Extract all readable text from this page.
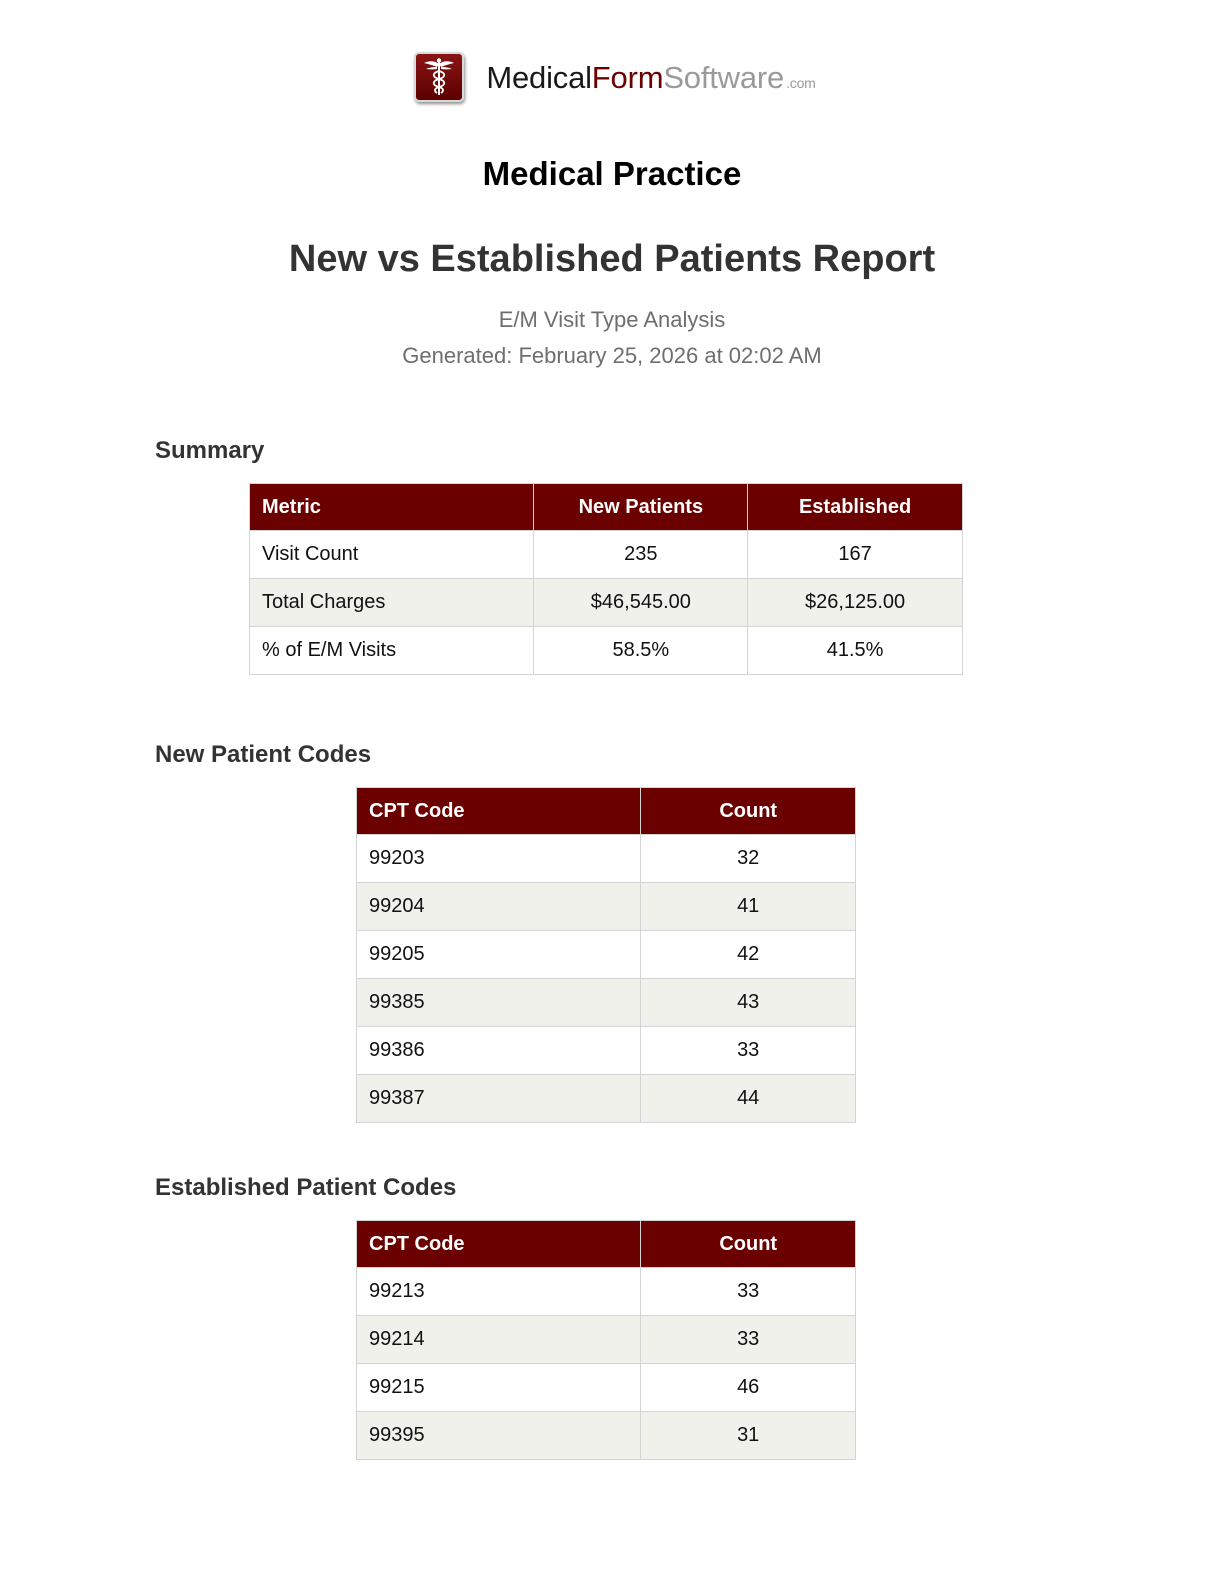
MedicalFormSoftware .com
Medical Practice
New vs Established Patients Report
E/M Visit Type Analysis
Generated: February 25, 2026 at 02:02 AM
Summary
Metric	New Patients	Established
Visit Count	235	167
Total Charges	$46,545.00	$26,125.00
% of E/M Visits	58.5%	41.5%
New Patient Codes
CPT Code	Count
99203	32
99204	41
99205	42
99385	43
99386	33
99387	44
Established Patient Codes
CPT Code	Count
99213	33
99214	33
99215	46
99395	31
